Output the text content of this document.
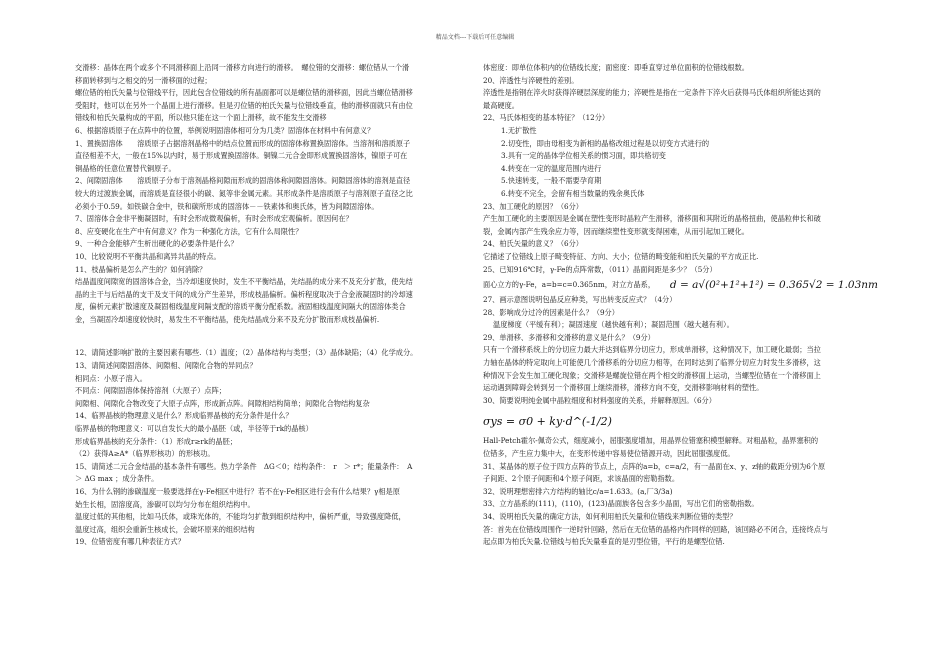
精品文档---下载后可任意编辑

交滑移：晶体在两个或多个不同滑移面上沿同一滑移方向进行的滑移。　螺位错的交滑移：螺位错从一个滑

移面转移到与之相交的另一滑移面的过程；

螺位错的柏氏矢量与位错线平行，因此包含位错线的所有晶面都可以是螺位错的滑移面，因此当螺位错滑移

受阻时，他可以在另外一个晶面上进行滑移。但是刃位错的柏氏矢量与位错线垂直，他的滑移面就只有由位

错线和柏氏矢量构成的平面，所以他只能在这一个面上滑移，故不能发生交滑移

6、根据溶质原子在点阵中的位置，举例说明固溶体相可分为几类？固溶体在材料中有何意义？

1、置换固溶体　　溶质原子占据溶剂晶格中的结点位置而形成的固溶体称置换固溶体。当溶剂和溶质原子

直径相差不大，一般在15%以内时，易于形成置换固溶体。铜镍二元合金即形成置换固溶体，镍原子可在

铜晶格的任意位置替代铜原子。

2、间隙固溶体　　溶质原子分布于溶剂晶格间隙而形成的固溶体称间隙固溶体。间隙固溶体的溶剂是直径

较大的过渡族金属，而溶质是直径很小的碳、氮等非金属元素。其形成条件是溶质原子与溶剂原子直径之比

必须小于0.59。如铁碳合金中，铁和碳所形成的固溶体－－铁素体和奥氏体，皆为间隙固溶体。

7、固溶体合金非平衡凝固时，有时会形成微观偏析，有时会形成宏观偏析。原因何在？

8、应变硬化在生产中有何意义？作为一种强化方法，它有什么局限性？

9、一种合金能够产生析出硬化的必要条件是什么？

10、比较说明不平衡共晶和离异共晶的特点。

11、枝晶偏析是怎么产生的？如何消除？

结晶温度间隙宽的固溶体合金，当冷却速度快时，发生不平衡结晶，先结晶的成分来不及充分扩散，使先结

晶的主干与后结晶的支干及支干间的成分产生差异，形成枝晶偏析。偏析程度取决于合金液凝固时的冷却速

度，偏析元素扩散速度及凝固相线温度间隔支配的溶质平衡分配系数。液固相线温度间隔大的固溶体类合

金，当凝固冷却速度较快时，易发生不平衡结晶，使先结晶成分来不及充分扩散而形成枝晶偏析.

12、请简述影响扩散的主要因素有哪些.（1）温度；（2）晶体结构与类型；（3）晶体缺陷；（4）化学成分。

13、请简述间隙固溶体、间隙相、间隙化合物的异同点？

相同点：小原子溶入。

不同点：间隙固溶体保持溶剂（大原子）点阵；

间隙相、间隙化合物改变了大原子点阵，形成新点阵。间隙相结构简单；间隙化合物结构复杂

14、临界晶核的物理意义是什么？形成临界晶核的充分条件是什么？

临界晶核的物理意义：可以自发长大的最小晶胚（或，半径等于rk的晶核）

形成临界晶核的充分条件：（1）形成r≥rk的晶胚；

（2）获得A≥A*（临界形核功）的形核功。

15、请简述二元合金结晶的基本条件有哪些。热力学条件　ΔG＜0；结构条件：　r　＞ r*；能量条件：　A

＞ ΔG max ；成分条件。

16、为什么钢的渗碳温度一般要选择在γ-Fe相区中进行？若不在γ-Fe相区进行会有什么结果？γ相是原

始生长相，固溶度高，渗碳可以均匀分布在组织结构中。

温度过低的其他相，比如马氏体，或珠光体的，不能均匀扩散到组织结构中，偏析严重，导致强度降低，

温度过高，组织会重新生核成长，会破坏原来的组织结构

19、位错密度有哪几种表征方式？

体密度：即单位体积内的位错线长度；面密度：即垂直穿过单位面积的位错线根数。

20、淬透性与淬硬性的差别。

淬透性是指钢在淬火时获得淬硬层深度的能力；淬硬性是指在一定条件下淬火后获得马氏体组织所能达到的

最高硬度。

22、马氏体相变的基本特征？（12分）

1.无扩散性

2.切变性，即由母相变为新相的晶格改组过程是以切变方式进行的

3.具有一定的晶体学位相关系的惯习面，即共格切变

4.转变在一定的温度范围内进行

5.快速转变，一般不需要孕育期

6.转变不完全，会留有相当数量的残余奥氏体

23、加工硬化的原因？（6分）

产生加工硬化的主要原因是金属在塑性变形时晶粒产生滑移，滑移面和其附近的晶格扭曲，使晶粒伸长和破

裂，金属内部产生残余应力等，因而继续塑性变形就变得困难，从而引起加工硬化。

24、柏氏矢量的意义？（6分）

它描述了位错线上原子畸变特征、方向、大小；位错的畸变能和柏氏矢量的平方成正比.

25、已知916℃时，γ-Fe的点阵常数，（011）晶面间距是多少？（5分）

面心立方的γ-Fe，a=b=c=0.365nm，对立方晶系， d = a√(0²+1²+1²) = 0.365√2 = 1.03nm

27、画示意图说明包晶反应种类，写出转变反应式？（4分）

28、影响成分过冷的因素是什么？（9分）

温度梯度（平缓有利）；凝固速度（越快越有利）；凝固范围（越大越有利）。

29、单滑移、多滑移和交滑移的意义是什么？（9分）

只有一个滑移系统上的分切应力最大并达到临界分切应力，形成单滑移，这种情况下，加工硬化最弱；当拉

力轴在晶体的特定取向上可能使几个滑移系的分切应力相等，在同时达到了临界分切应力时发生多滑移，这

种情况下会发生加工硬化现象；交滑移是螺旋位错在两个相交的滑移面上运动，当螺型位错在一个滑移面上

运动遇到障碍会转到另一个滑移面上继续滑移，滑移方向不变，交滑移影响材料的塑性。

30、简要说明纯金属中晶粒细度和材料强度的关系，并解释原因。（6分）

σys = σ0 + ky·d^(-1/2)

Hall-Petch霍尔-佩奇公式，细度减小，屈服强度增加，用晶界位错塞积模型解释。对粗晶粒，晶界塞积的

位错多，产生应力集中大，在变形传递中容易使位错源开动，因此屈服强度低。

31、某晶体的原子位于四方点阵的节点上，点阵的a=b，c=a/2，有一晶面在x、y、z轴的截距分别为6个原

子间距、2个原子间距和4个原子间距，求该晶面的密勒指数。

32、说明理想密排六方结构的轴比c/a=1.633。(a,厂3/3a)

33、立方晶系的(111)，(110)，(123)晶面族各包含多少晶面，写出它们的密勒指数。

34、说明柏氏矢量的确定方法，如何利用柏氏矢量和位错线来判断位错的类型？

答：首先在位错线周围作一逆时针回路，然后在无位错的晶格内作同样的回路，该回路必不闭合，连接终点与

起点即为柏氏矢量.位错线与柏氏矢量垂直的是刃型位错，平行的是螺型位错.
